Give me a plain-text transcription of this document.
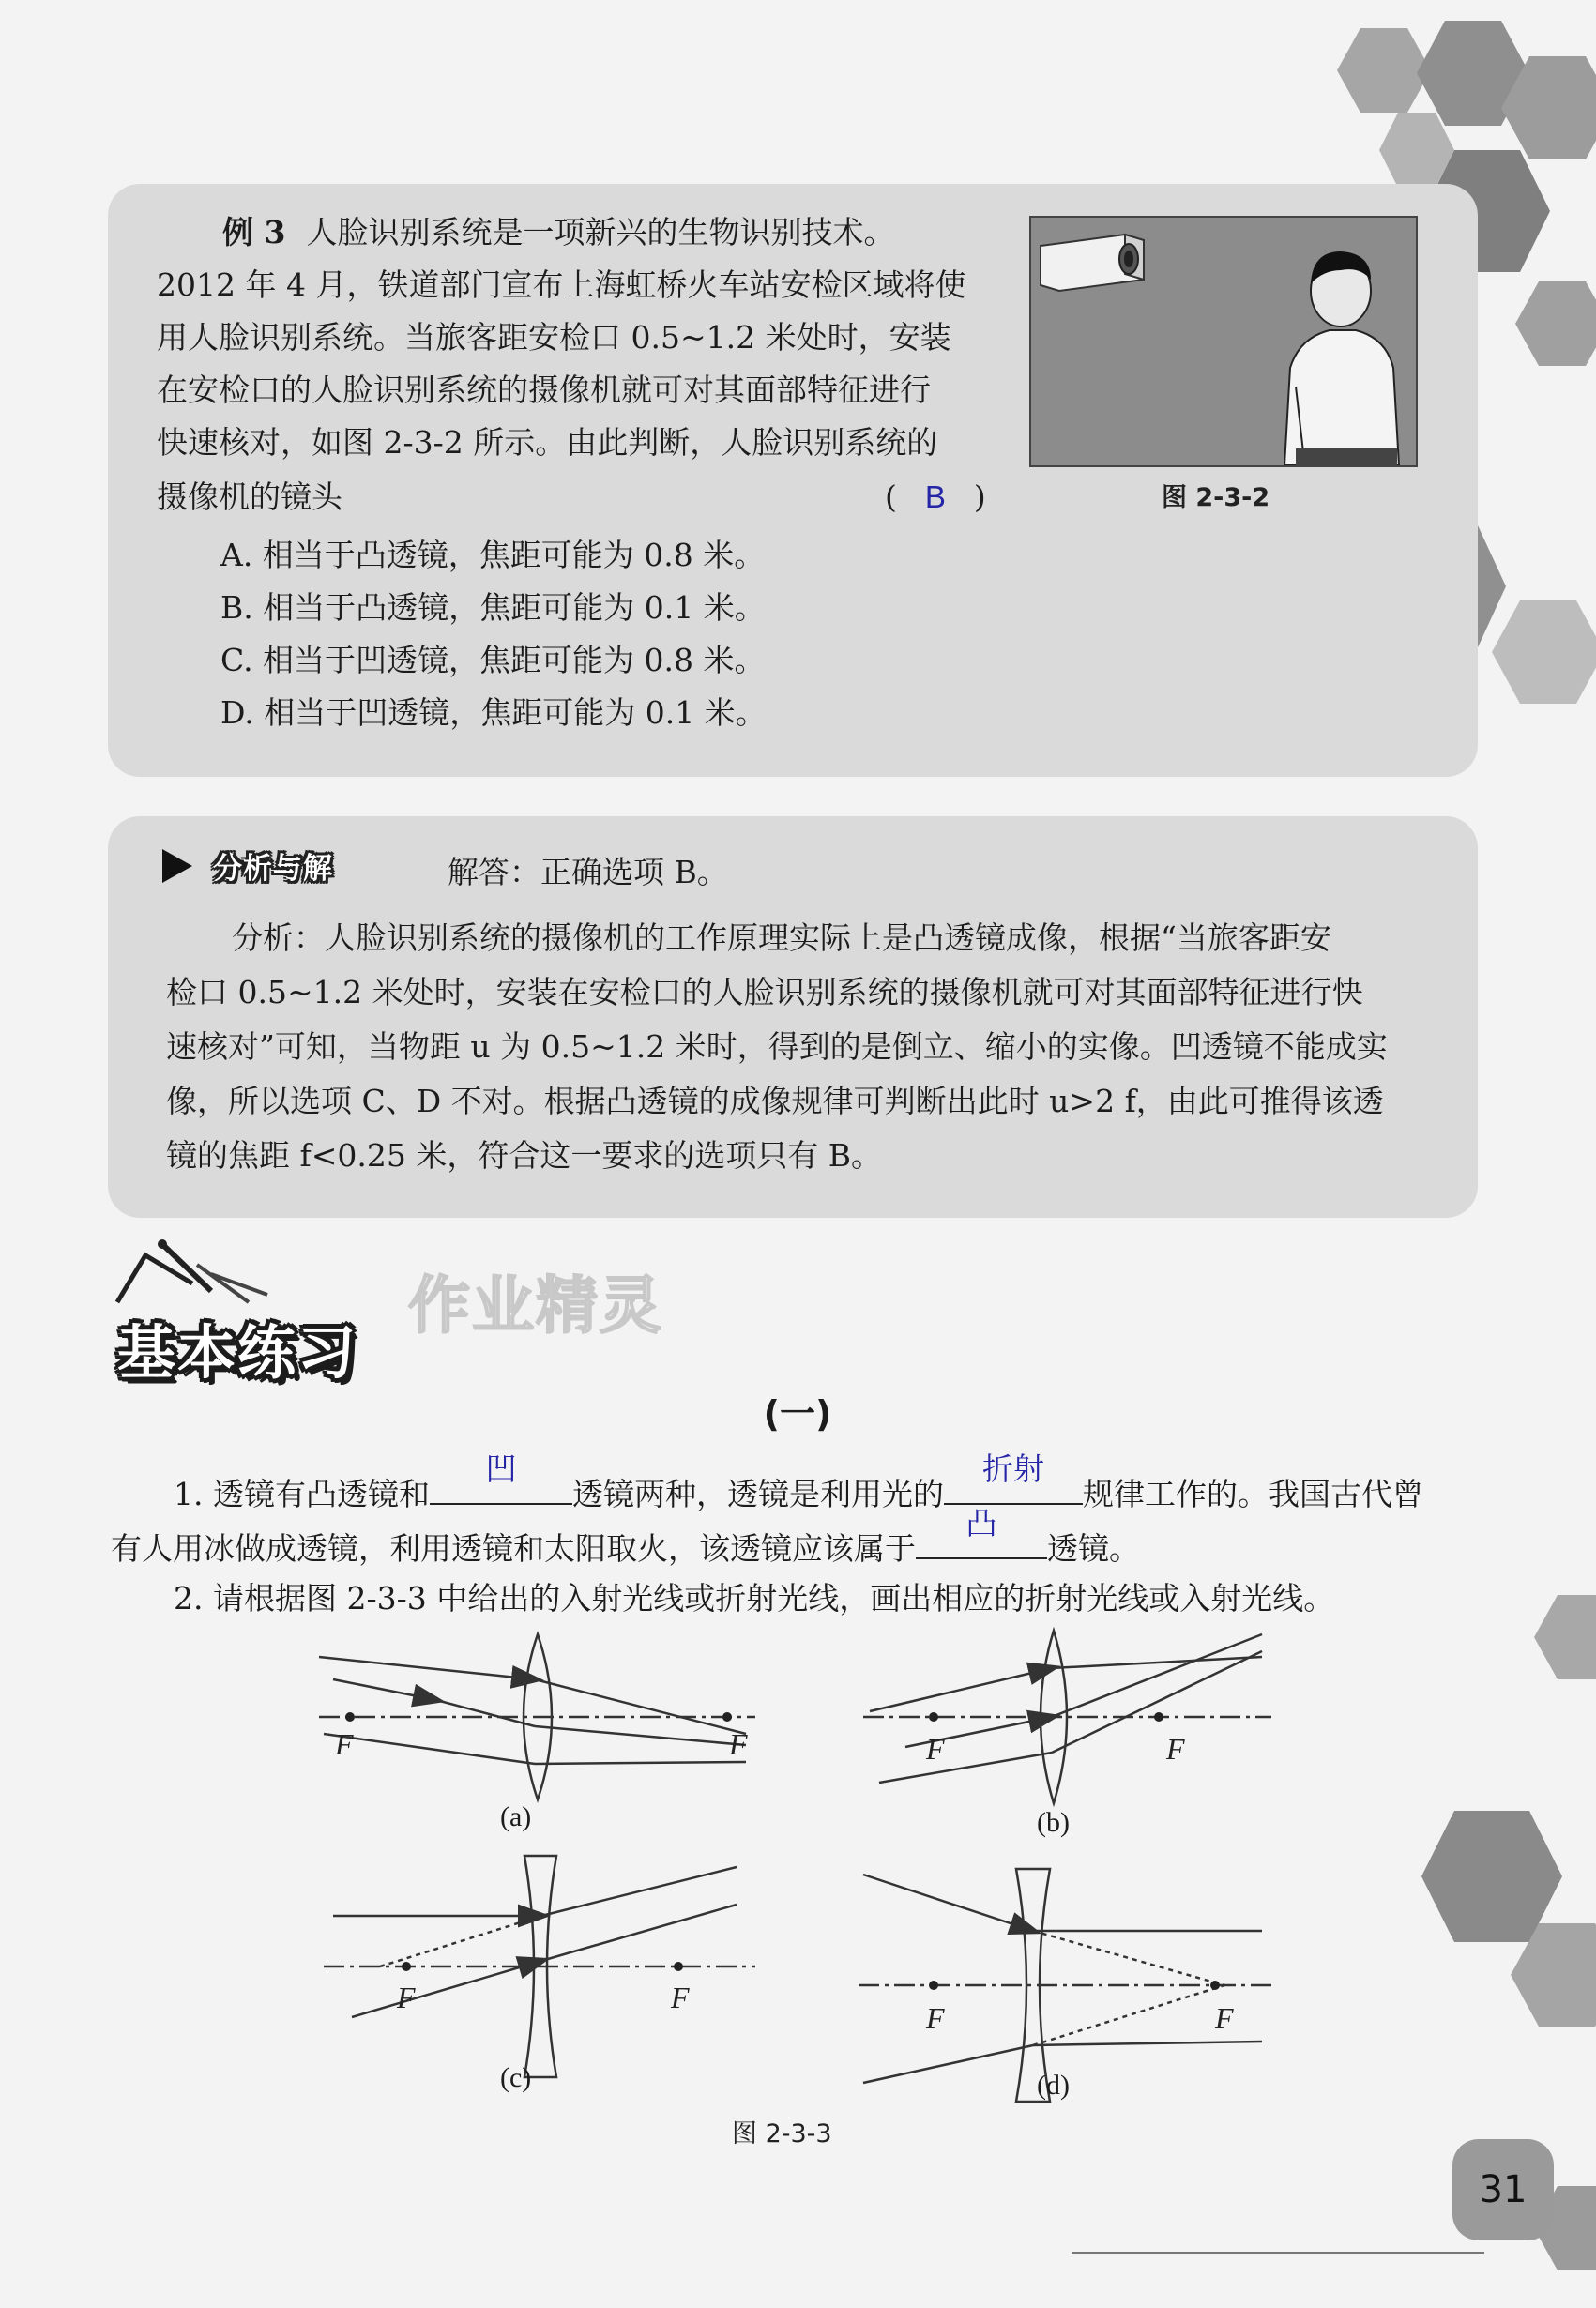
例 3 人脸识别系统是一项新兴的生物识别技术。
2012 年 4 月，铁道部门宣布上海虹桥火车站安检区域将使
用人脸识别系统。当旅客距安检口 0.5~1.2 米处时，安装
在安检口的人脸识别系统的摄像机就可对其面部特征进行
快速核对，如图 2-3-2 所示。由此判断，人脸识别系统的
摄像机的镜头	( B )
A. 相当于凸透镜，焦距可能为 0.8 米。
B. 相当于凸透镜，焦距可能为 0.1 米。
C. 相当于凹透镜，焦距可能为 0.8 米。
D. 相当于凹透镜，焦距可能为 0.1 米。
图 2-3-2
分析与解	解答：正确选项 B。
分析：人脸识别系统的摄像机的工作原理实际上是凸透镜成像，根据“当旅客距安
检口 0.5~1.2 米处时，安装在安检口的人脸识别系统的摄像机就可对其面部特征进行快
速核对”可知，当物距 u 为 0.5~1.2 米时，得到的是倒立、缩小的实像。凹透镜不能成实
像，所以选项 C、D 不对。根据凸透镜的成像规律可判断出此时 u>2 f，由此可推得该透
镜的焦距 f<0.25 米，符合这一要求的选项只有 B。
基本练习
作业精灵
(一)
1. 透镜有凸透镜和
凹
透镜两种，透镜是利用光的
折射
规律工作的。我国古代曾
有人用冰做成透镜，利用透镜和太阳取火，该透镜应该属于
凸
透镜。
2. 请根据图 2-3-3 中给出的入射光线或折射光线，画出相应的折射光线或入射光线。
F	F	F	F
F	F
F	F
(a)	(b)
(c)	(d)
图 2-3-3
31
